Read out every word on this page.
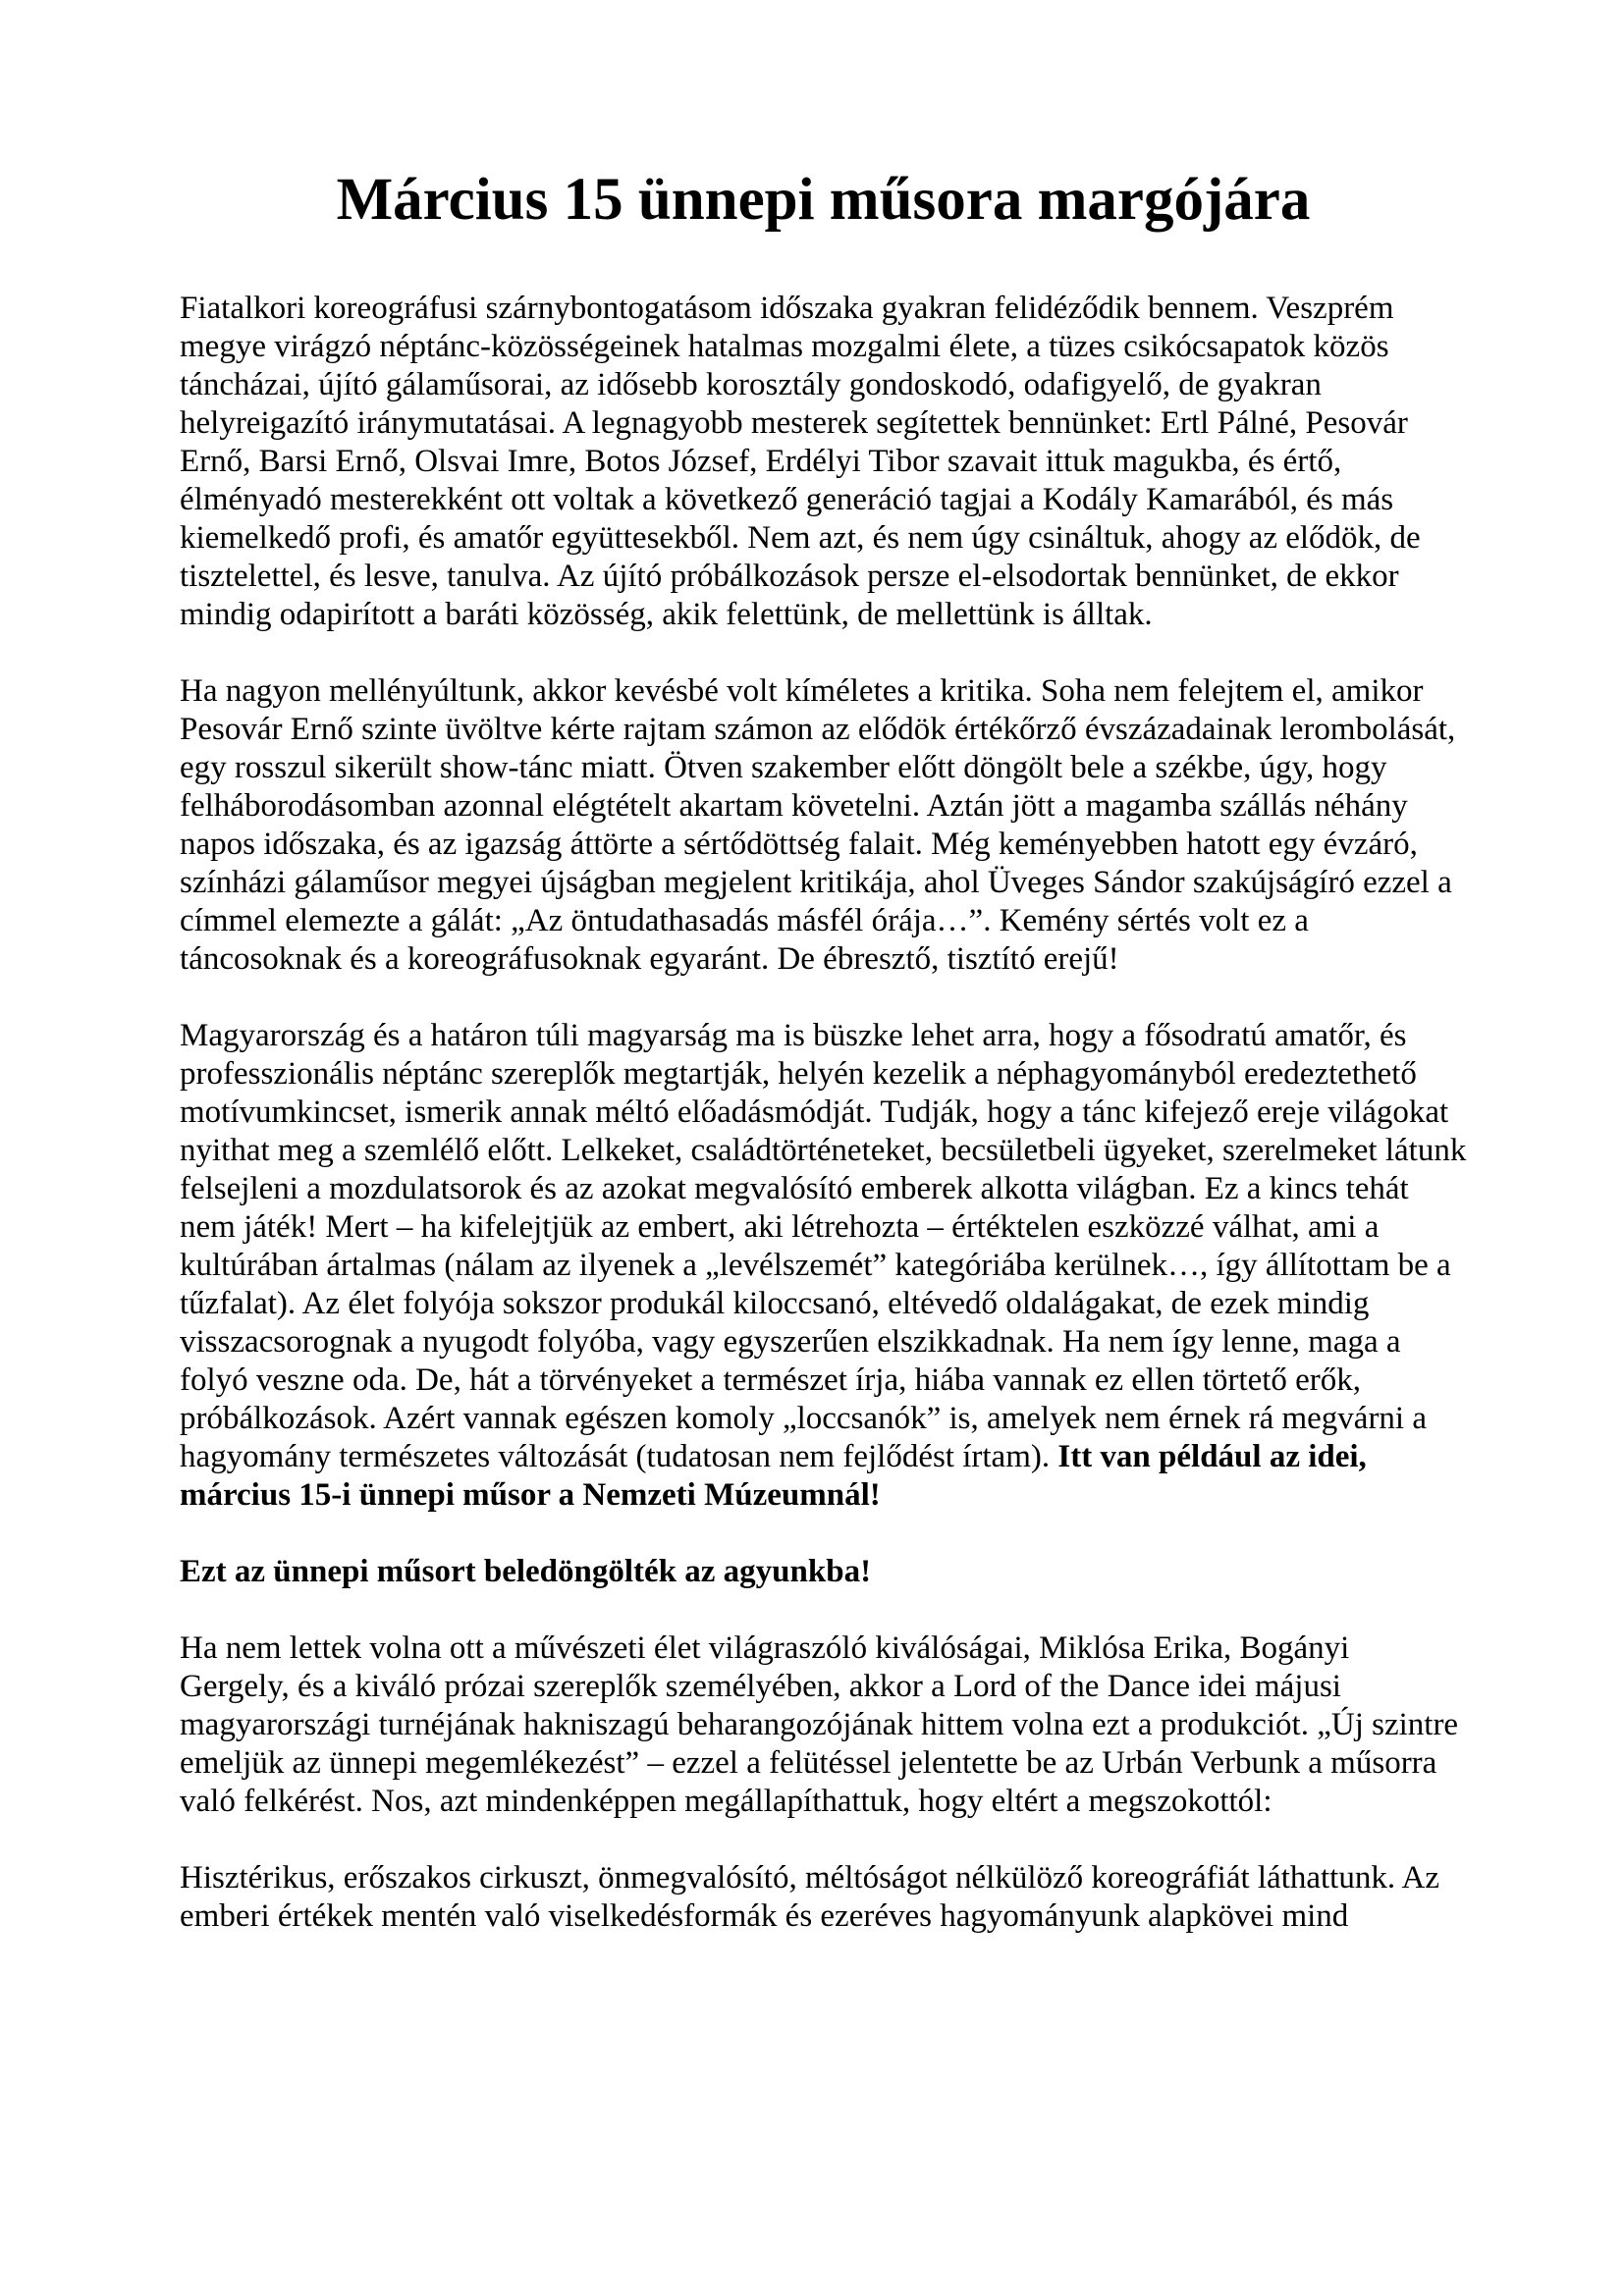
Március 15 ünnepi műsora margójára

Fiatalkori koreográfusi szárnybontogatásom időszaka gyakran felidéződik bennem. Veszprém megye virágzó néptánc-közösségeinek hatalmas mozgalmi élete, a tüzes csikócsapatok közös táncházai, újító gálaműsorai, az idősebb korosztály gondoskodó, odafigyelő, de gyakran helyreigazító iránymutatásai. A legnagyobb mesterek segítettek bennünket: Ertl Pálné, Pesovár Ernő, Barsi Ernő, Olsvai Imre, Botos József, Erdélyi Tibor szavait ittuk magukba, és értő, élményadó mesterekként ott voltak a következő generáció tagjai a Kodály Kamarából, és más kiemelkedő profi, és amatőr együttesekből. Nem azt, és nem úgy csináltuk, ahogy az elődök, de tisztelettel, és lesve, tanulva. Az újító próbálkozások persze el-elsodortak bennünket, de ekkor mindig odapirított a baráti közösség, akik felettünk, de mellettünk is álltak.

Ha nagyon mellényúltunk, akkor kevésbé volt kíméletes a kritika. Soha nem felejtem el, amikor Pesovár Ernő szinte üvöltve kérte rajtam számon az elődök értékőrző évszázadainak lerombolását, egy rosszul sikerült show-tánc miatt. Ötven szakember előtt döngölt bele a székbe, úgy, hogy felháborodásomban azonnal elégtételt akartam követelni. Aztán jött a magamba szállás néhány napos időszaka, és az igazság áttörte a sértődöttség falait. Még keményebben hatott egy évzáró, színházi gálaműsor megyei újságban megjelent kritikája, ahol Üveges Sándor szakújságíró ezzel a címmel elemezte a gálát: „Az öntudathasadás másfél órája…”. Kemény sértés volt ez a táncosoknak és a koreográfusoknak egyaránt. De ébresztő, tisztító erejű!

Magyarország és a határon túli magyarság ma is büszke lehet arra, hogy a fősodratú amatőr, és professzionális néptánc szereplők megtartják, helyén kezelik a néphagyományból eredeztethető motívumkincset, ismerik annak méltó előadásmódját. Tudják, hogy a tánc kifejező ereje világokat nyithat meg a szemlélő előtt. Lelkeket, családtörténeteket, becsületbeli ügyeket, szerelmeket látunk felsejleni a mozdulatsorok és az azokat megvalósító emberek alkotta világban. Ez a kincs tehát nem játék! Mert – ha kifelejtjük az embert, aki létrehozta – értéktelen eszközzé válhat, ami a kultúrában ártalmas (nálam az ilyenek a „levélszemét” kategóriába kerülnek…, így állítottam be a tűzfalat). Az élet folyója sokszor produkál kiloccsanó, eltévedő oldalágakat, de ezek mindig visszacsorognak a nyugodt folyóba, vagy egyszerűen elszikkadnak. Ha nem így lenne, maga a folyó veszne oda. De, hát a törvényeket a természet írja, hiába vannak ez ellen törtető erők, próbálkozások. Azért vannak egészen komoly „loccsanók” is, amelyek nem érnek rá megvárni a hagyomány természetes változását (tudatosan nem fejlődést írtam). Itt van például az idei, március 15-i ünnepi műsor a Nemzeti Múzeumnál!

Ezt az ünnepi műsort beledöngölték az agyunkba!

Ha nem lettek volna ott a művészeti élet világraszóló kiválóságai, Miklósa Erika, Bogányi Gergely, és a kiváló prózai szereplők személyében, akkor a Lord of the Dance idei májusi magyarországi turnéjának hakniszagú beharangozójának hittem volna ezt a produkciót. „Új szintre emeljük az ünnepi megemlékezést” – ezzel a felütéssel jelentette be az Urbán Verbunk a műsorra való felkérést. Nos, azt mindenképpen megállapíthattuk, hogy eltért a megszokottól:

Hisztérikus, erőszakos cirkuszt, önmegvalósító, méltóságot nélkülöző koreográfiát láthattunk. Az emberi értékek mentén való viselkedésformák és ezeréves hagyományunk alapkövei mind
